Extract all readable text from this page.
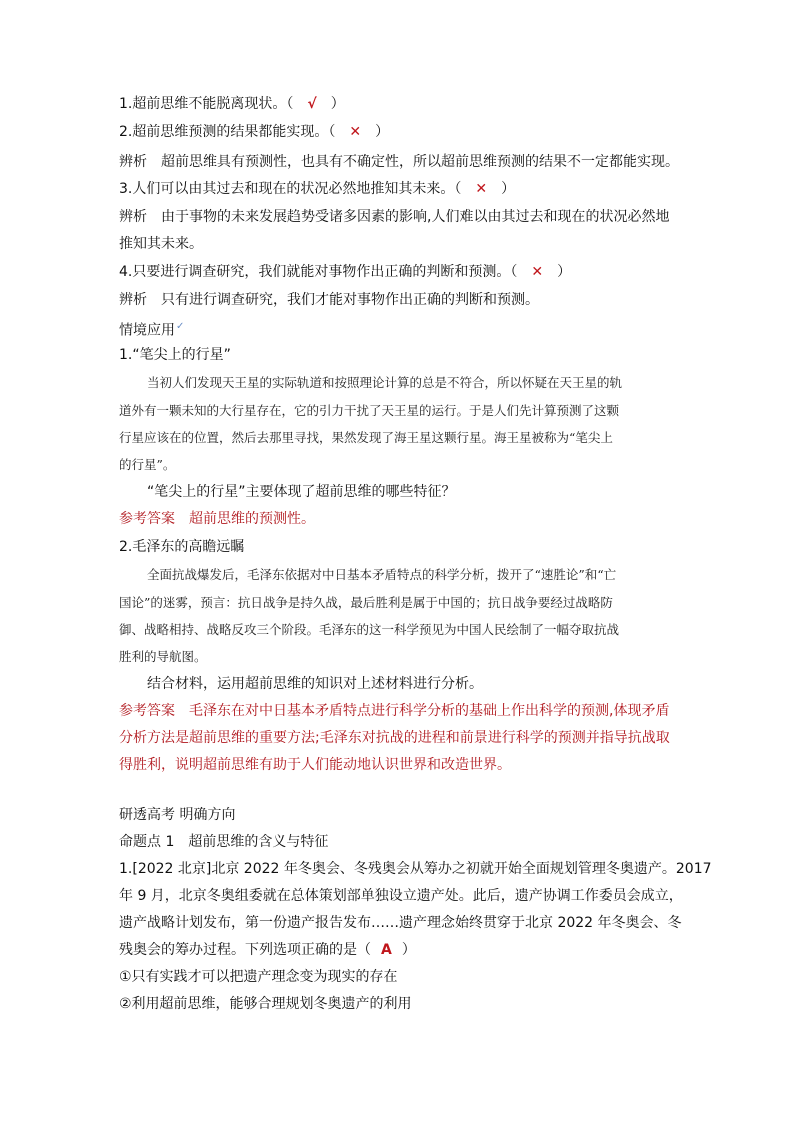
1.超前思维不能脱离现状。（ √ ）
2.超前思维预测的结果都能实现。（ ✕ ）
辨析 超前思维具有预测性，也具有不确定性，所以超前思维预测的结果不一定都能实现。
3.人们可以由其过去和现在的状况必然地推知其未来。（ ✕ ）
辨析 由于事物的未来发展趋势受诸多因素的影响,人们难以由其过去和现在的状况必然地
推知其未来。
4.只要进行调查研究，我们就能对事物作出正确的判断和预测。（ ✕ ）
辨析 只有进行调查研究，我们才能对事物作出正确的判断和预测。
情境应用✓
1.“笔尖上的行星”
当初人们发现天王星的实际轨道和按照理论计算的总是不符合，所以怀疑在天王星的轨
道外有一颗未知的大行星存在，它的引力干扰了天王星的运行。于是人们先计算预测了这颗
行星应该在的位置，然后去那里寻找，果然发现了海王星这颗行星。海王星被称为“笔尖上
的行星”。
“笔尖上的行星”主要体现了超前思维的哪些特征？
参考答案 超前思维的预测性。
2.毛泽东的高瞻远瞩
全面抗战爆发后，毛泽东依据对中日基本矛盾特点的科学分析，拨开了“速胜论”和“亡
国论”的迷雾，预言：抗日战争是持久战，最后胜利是属于中国的；抗日战争要经过战略防
御、战略相持、战略反攻三个阶段。毛泽东的这一科学预见为中国人民绘制了一幅夺取抗战
胜利的导航图。
结合材料，运用超前思维的知识对上述材料进行分析。
参考答案 毛泽东在对中日基本矛盾特点进行科学分析的基础上作出科学的预测,体现矛盾
分析方法是超前思维的重要方法;毛泽东对抗战的进程和前景进行科学的预测并指导抗战取
得胜利，说明超前思维有助于人们能动地认识世界和改造世界。
研透高考 明确方向
命题点 1　超前思维的含义与特征
1.[2022 北京]北京 2022 年冬奥会、冬残奥会从筹办之初就开始全面规划管理冬奥遗产。2017
年 9 月，北京冬奥组委就在总体策划部单独设立遗产处。此后，遗产协调工作委员会成立，
遗产战略计划发布，第一份遗产报告发布……遗产理念始终贯穿于北京 2022 年冬奥会、冬
残奥会的筹办过程。下列选项正确的是（ A ）
①只有实践才可以把遗产理念变为现实的存在
②利用超前思维，能够合理规划冬奥遗产的利用
